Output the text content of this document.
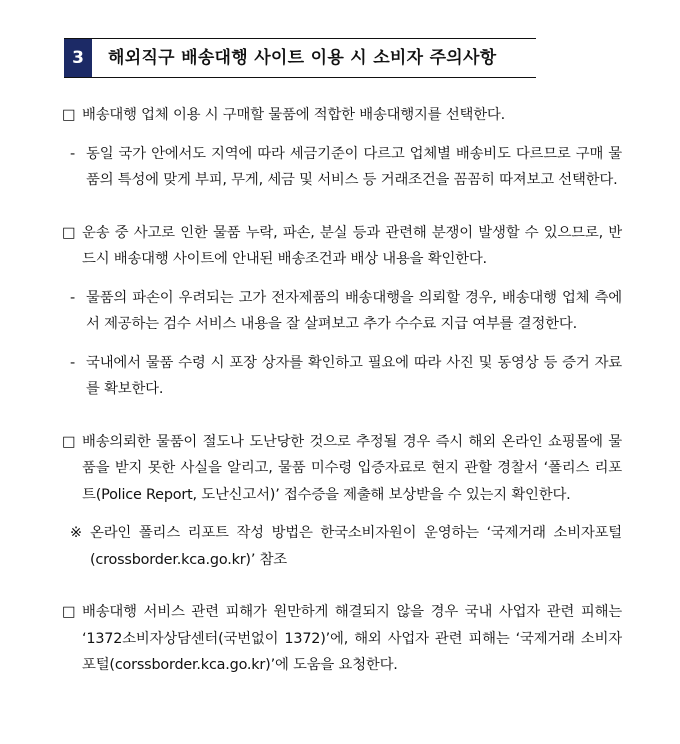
3	해외직구 배송대행 사이트 이용 시 소비자 주의사항
□ 배송대행 업체 이용 시 구매할 물품에 적합한 배송대행지를 선택한다.
- 동일 국가 안에서도 지역에 따라 세금기준이 다르고 업체별 배송비도 다르므로 구매 물품의 특성에 맞게 부피, 무게, 세금 및 서비스 등 거래조건을 꼼꼼히 따져보고 선택한다.
□ 운송 중 사고로 인한 물품 누락, 파손, 분실 등과 관련해 분쟁이 발생할 수 있으므로, 반드시 배송대행 사이트에 안내된 배송조건과 배상 내용을 확인한다.
- 물품의 파손이 우려되는 고가 전자제품의 배송대행을 의뢰할 경우, 배송대행 업체 측에서 제공하는 검수 서비스 내용을 잘 살펴보고 추가 수수료 지급 여부를 결정한다.
- 국내에서 물품 수령 시 포장 상자를 확인하고 필요에 따라 사진 및 동영상 등 증거 자료를 확보한다.
□ 배송의뢰한 물품이 절도나 도난당한 것으로 추정될 경우 즉시 해외 온라인 쇼핑몰에 물품을 받지 못한 사실을 알리고, 물품 미수령 입증자료로 현지 관할 경찰서 ‘폴리스 리포트(Police Report, 도난신고서)’ 접수증을 제출해 보상받을 수 있는지 확인한다.
※ 온라인 폴리스 리포트 작성 방법은 한국소비자원이 운영하는 ‘국제거래 소비자포털(crossborder.kca.go.kr)’ 참조
□ 배송대행 서비스 관련 피해가 원만하게 해결되지 않을 경우 국내 사업자 관련 피해는 ‘1372소비자상담센터(국번없이 1372)’에, 해외 사업자 관련 피해는 ‘국제거래 소비자포털(corssborder.kca.go.kr)’에 도움을 요청한다.
